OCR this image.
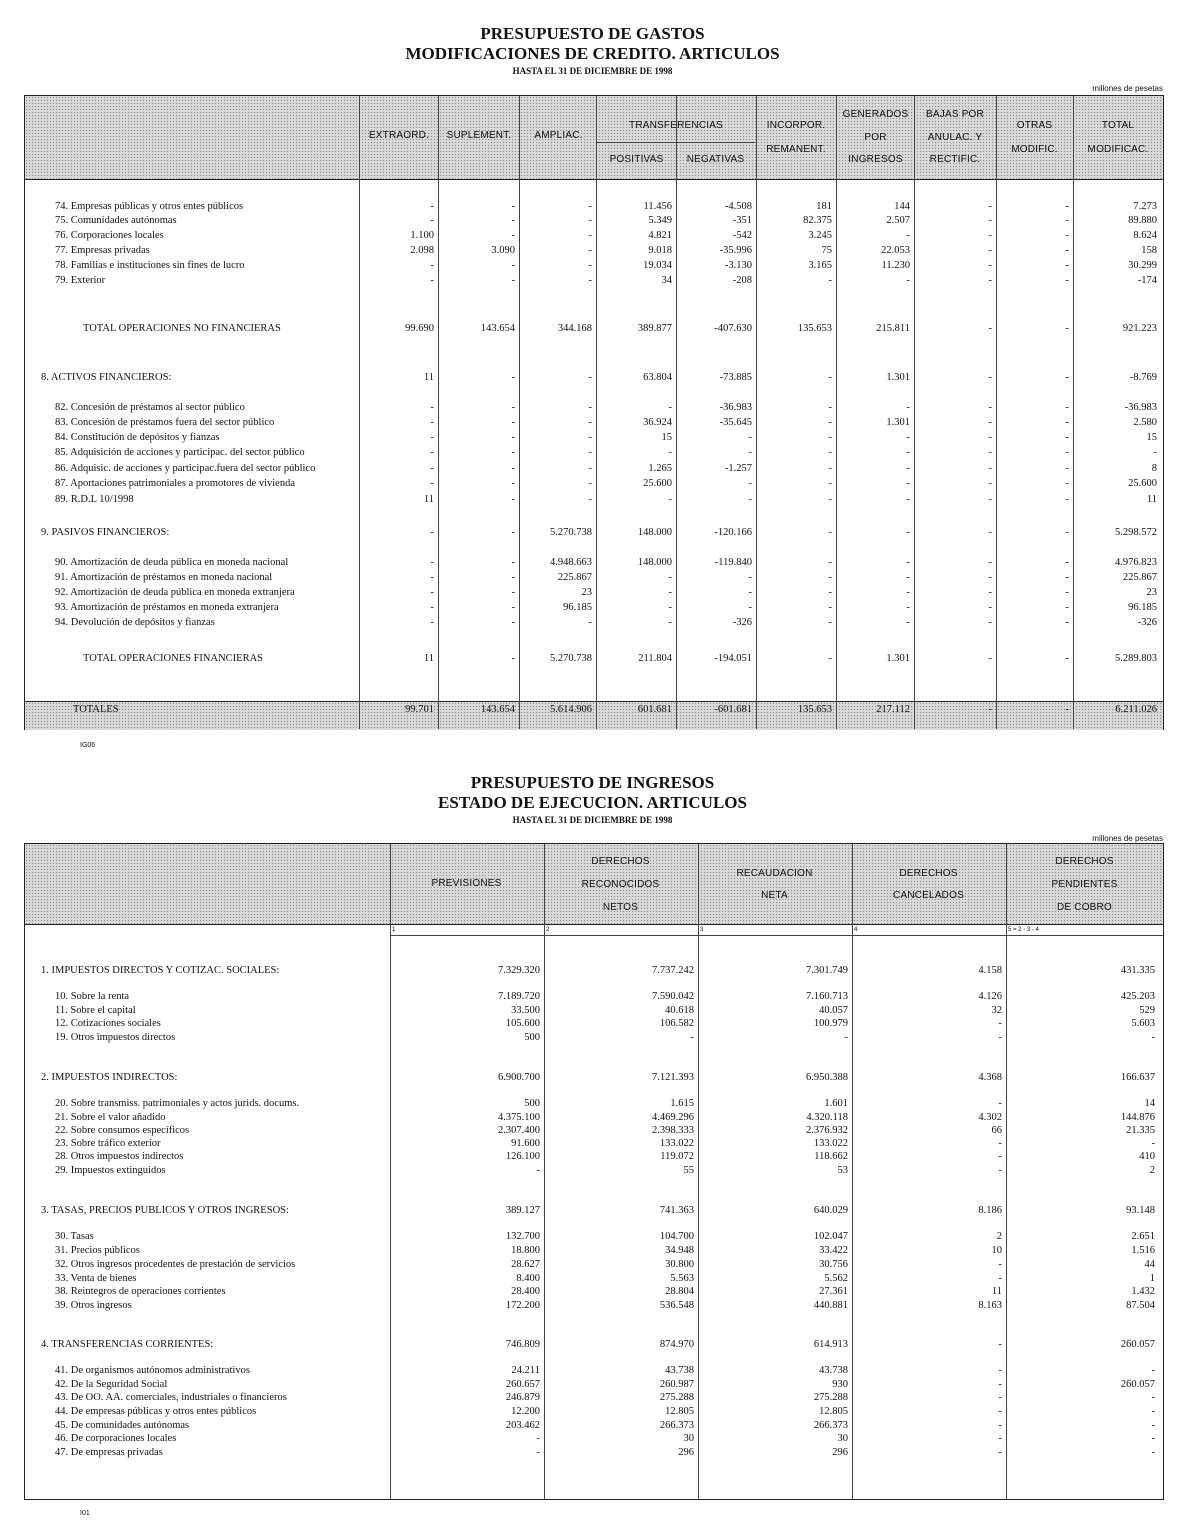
PRESUPUESTO DE GASTOS
MODIFICACIONES DE CREDITO. ARTICULOS
HASTA EL 31 DE DICIEMBRE DE 1998
millones de pesetas
EXTRAORD.	SUPLEMENT.	AMPLIAC.
TRANSFERENCIAS
POSITIVAS	NEGATIVAS
INCORPOR.
REMANENT.
GENERADOS
POR
INGRESOS
BAJAS POR
ANULAC. Y
RECTIFIC.
OTRAS
MODIFIC.
TOTAL
MODIFICAC.
74. Empresas públicas y otros entes públicos	-	-	-	11.456	-4.508	181	144	-	-	7.273
75. Comunidades autónomas	-	-	-	5.349	-351	82.375	2.507	-	-	89.880
76. Corporaciones locales	1.100	-	-	4.821	-542	3.245	-	-	-	8.624
77. Empresas privadas	2.098	3.090	-	9.018	-35.996	75	22.053	-	-	158
78. Familias e instituciones sin fines de lucro	-	-	-	19.034	-3.130	3.165	11.230	-	-	30.299
79. Exterior	-	-	-	34	-208	-	-	-	-	-174
TOTAL OPERACIONES NO FINANCIERAS	99.690	143.654	344.168	389.877	-407.630	135.653	215.811	-	-	921.223
8. ACTIVOS FINANCIEROS:	11	-	-	63.804	-73.885	-	1.301	-	-	-8.769
82. Concesión de préstamos al sector público	-	-	-	-	-36.983	-	-	-	-	-36.983
83. Concesión de préstamos fuera del sector público	-	-	-	36.924	-35.645	-	1.301	-	-	2.580
84. Constitución de depósitos y fianzas	-	-	-	15	-	-	-	-	-	15
85. Adquisición de acciones y participac. del sector público	-	-	-	-	-	-	-	-	-	-
86. Adquisic. de acciones y participac.fuera del sector público	-	-	-	1.265	-1.257	-	-	-	-	8
87. Aportaciones patrimoniales a promotores de vivienda	-	-	-	25.600	-	-	-	-	-	25.600
89. R.D.L 10/1998	11	-	-	-	-	-	-	-	-	11
9. PASIVOS FINANCIEROS:	-	-	5.270.738	148.000	-120.166	-	-	-	-	5.298.572
90. Amortización de deuda pública en moneda nacional	-	-	4.948.663	148.000	-119.840	-	-	-	-	4.976.823
91. Amortización de préstamos en moneda nacional	-	-	225.867	-	-	-	-	-	-	225.867
92. Amortización de deuda pública en moneda extranjera	-	-	23	-	-	-	-	-	-	23
93. Amortización de préstamos en moneda extranjera	-	-	96.185	-	-	-	-	-	-	96.185
94. Devolución de depósitos y fianzas	-	-	-	-	-326	-	-	-	-	-326
TOTAL OPERACIONES FINANCIERAS	11	-	5.270.738	211.804	-194.051	-	1.301	-	-	5.289.803
TOTALES	99.701	143.654	5.614.906	601.681	-601.681	135.653	217.112	-	-	6.211.026
IG06
PRESUPUESTO DE INGRESOS
ESTADO DE EJECUCION. ARTICULOS
HASTA EL 31 DE DICIEMBRE DE 1998
millones de pesetas
PREVISIONES
DERECHOS
RECONOCIDOS
NETOS
RECAUDACION
NETA
DERECHOS
CANCELADOS
DERECHOS
PENDIENTES
DE COBRO
1	2	3	4	5 = 2 - 3 - 4
1. IMPUESTOS DIRECTOS Y COTIZAC. SOCIALES:	7.329.320	7.737.242	7.301.749	4.158	431.335
10. Sobre la renta	7.189.720	7.590.042	7.160.713	4.126	425.203
11. Sobre el capital	33.500	40.618	40.057	32	529
12. Cotizaciones sociales	105.600	106.582	100.979	-	5.603
19. Otros impuestos directos	500	-	-	-	-
2. IMPUESTOS INDIRECTOS:	6.900.700	7.121.393	6.950.388	4.368	166.637
20. Sobre transmiss. patrimoniales y actos jurids. docums.	500	1.615	1.601	-	14
21. Sobre el valor añadido	4.375.100	4.469.296	4.320.118	4.302	144.876
22. Sobre consumos específicos	2.307.400	2.398.333	2.376.932	66	21.335
23. Sobre tráfico exterior	91.600	133.022	133.022	-	-
28. Otros impuestos indirectos	126.100	119.072	118.662	-	410
29. Impuestos extinguidos	-	55	53	-	2
3. TASAS, PRECIOS PUBLICOS Y OTROS INGRESOS:	389.127	741.363	640.029	8.186	93.148
30. Tasas	132.700	104.700	102.047	2	2.651
31. Precios públicos	18.800	34.948	33.422	10	1.516
32. Otros ingresos procedentes de prestación de servicios	28.627	30.800	30.756	-	44
33. Venta de bienes	8.400	5.563	5.562	-	1
38. Reintegros de operaciones corrientes	28.400	28.804	27.361	11	1.432
39. Otros ingresos	172.200	536.548	440.881	8.163	87.504
4. TRANSFERENCIAS CORRIENTES:	746.809	874.970	614.913	-	260.057
41. De organismos autónomos administrativos	24.211	43.738	43.738	-	-
42. De la Seguridad Social	260.657	260.987	930	-	260.057
43. De OO. AA. comerciales, industriales o financieros	246.879	275.288	275.288	-	-
44. De empresas públicas y otros entes públicos	12.200	12.805	12.805	-	-
45. De comunidades autónomas	203.462	266.373	266.373	-	-
46. De corporaciones locales	-	30	30	-	-
47. De empresas privadas	-	296	296	-	-
I01
